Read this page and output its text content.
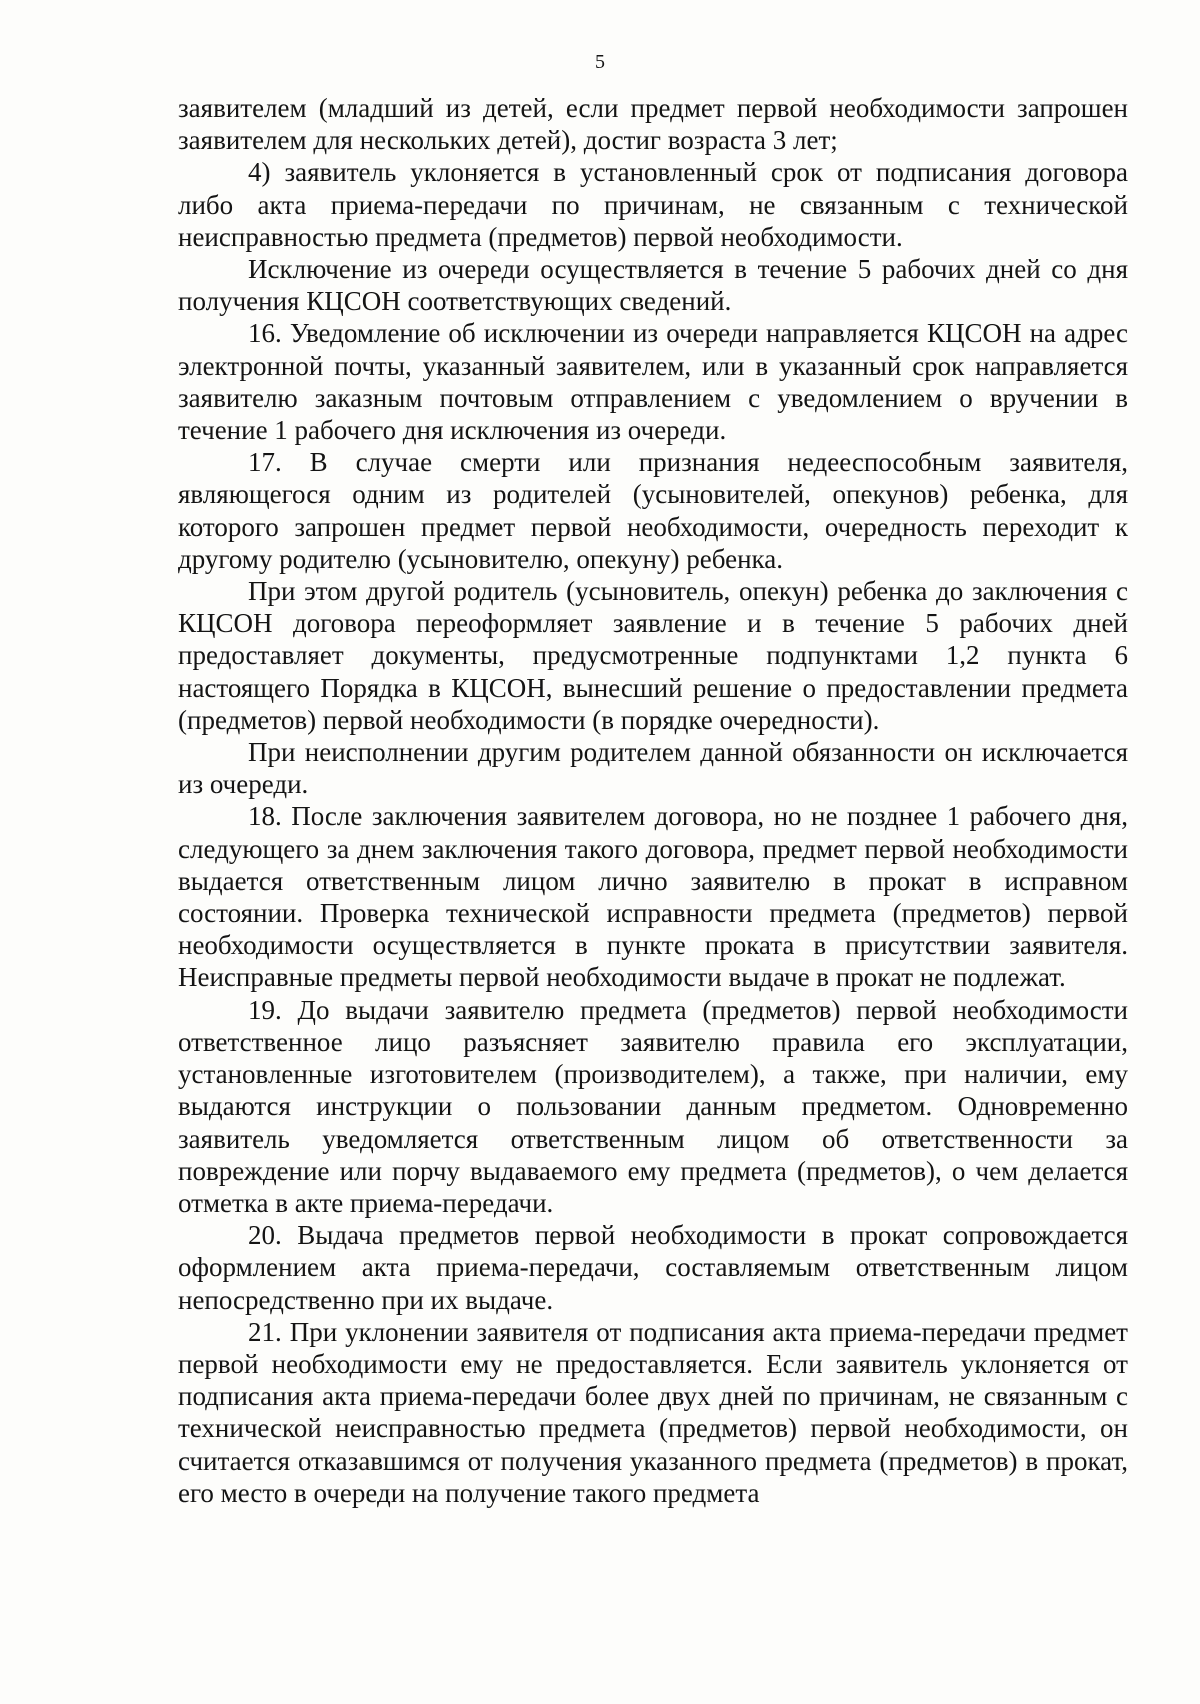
5

заявителем (младший из детей, если предмет первой необходимости запрошен заявителем для нескольких детей), достиг возраста 3 лет;

4) заявитель уклоняется в установленный срок от подписания договора либо акта приема-передачи по причинам, не связанным с технической неисправностью предмета (предметов) первой необходимости.

Исключение из очереди осуществляется в течение 5 рабочих дней со дня получения КЦСОН соответствующих сведений.

16. Уведомление об исключении из очереди направляется КЦСОН на адрес электронной почты, указанный заявителем, или в указанный срок направляется заявителю заказным почтовым отправлением с уведомлением о вручении в течение 1 рабочего дня исключения из очереди.

17. В случае смерти или признания недееспособным заявителя, являющегося одним из родителей (усыновителей, опекунов) ребенка, для которого запрошен предмет первой необходимости, очередность переходит к другому родителю (усыновителю, опекуну) ребенка.

При этом другой родитель (усыновитель, опекун) ребенка до заключения с КЦСОН договора переоформляет заявление и в течение 5 рабочих дней предоставляет документы, предусмотренные подпунктами 1,2 пункта 6 настоящего Порядка в КЦСОН, вынесший решение о предоставлении предмета (предметов) первой необходимости (в порядке очередности).

При неисполнении другим родителем данной обязанности он исключается из очереди.

18. После заключения заявителем договора, но не позднее 1 рабочего дня, следующего за днем заключения такого договора, предмет первой необходимости выдается ответственным лицом лично заявителю в прокат в исправном состоянии. Проверка технической исправности предмета (предметов) первой необходимости осуществляется в пункте проката в присутствии заявителя. Неисправные предметы первой необходимости выдаче в прокат не подлежат.

19. До выдачи заявителю предмета (предметов) первой необходимости ответственное лицо разъясняет заявителю правила его эксплуатации, установленные изготовителем (производителем), а также, при наличии, ему выдаются инструкции о пользовании данным предметом. Одновременно заявитель уведомляется ответственным лицом об ответственности за повреждение или порчу выдаваемого ему предмета (предметов), о чем делается отметка в акте приема-передачи.

20. Выдача предметов первой необходимости в прокат сопровождается оформлением акта приема-передачи, составляемым ответственным лицом непосредственно при их выдаче.

21. При уклонении заявителя от подписания акта приема-передачи предмет первой необходимости ему не предоставляется. Если заявитель уклоняется от подписания акта приема-передачи более двух дней по причинам, не связанным с технической неисправностью предмета (предметов) первой необходимости, он считается отказавшимся от получения указанного предмета (предметов) в прокат, его место в очереди на получение такого предмета
